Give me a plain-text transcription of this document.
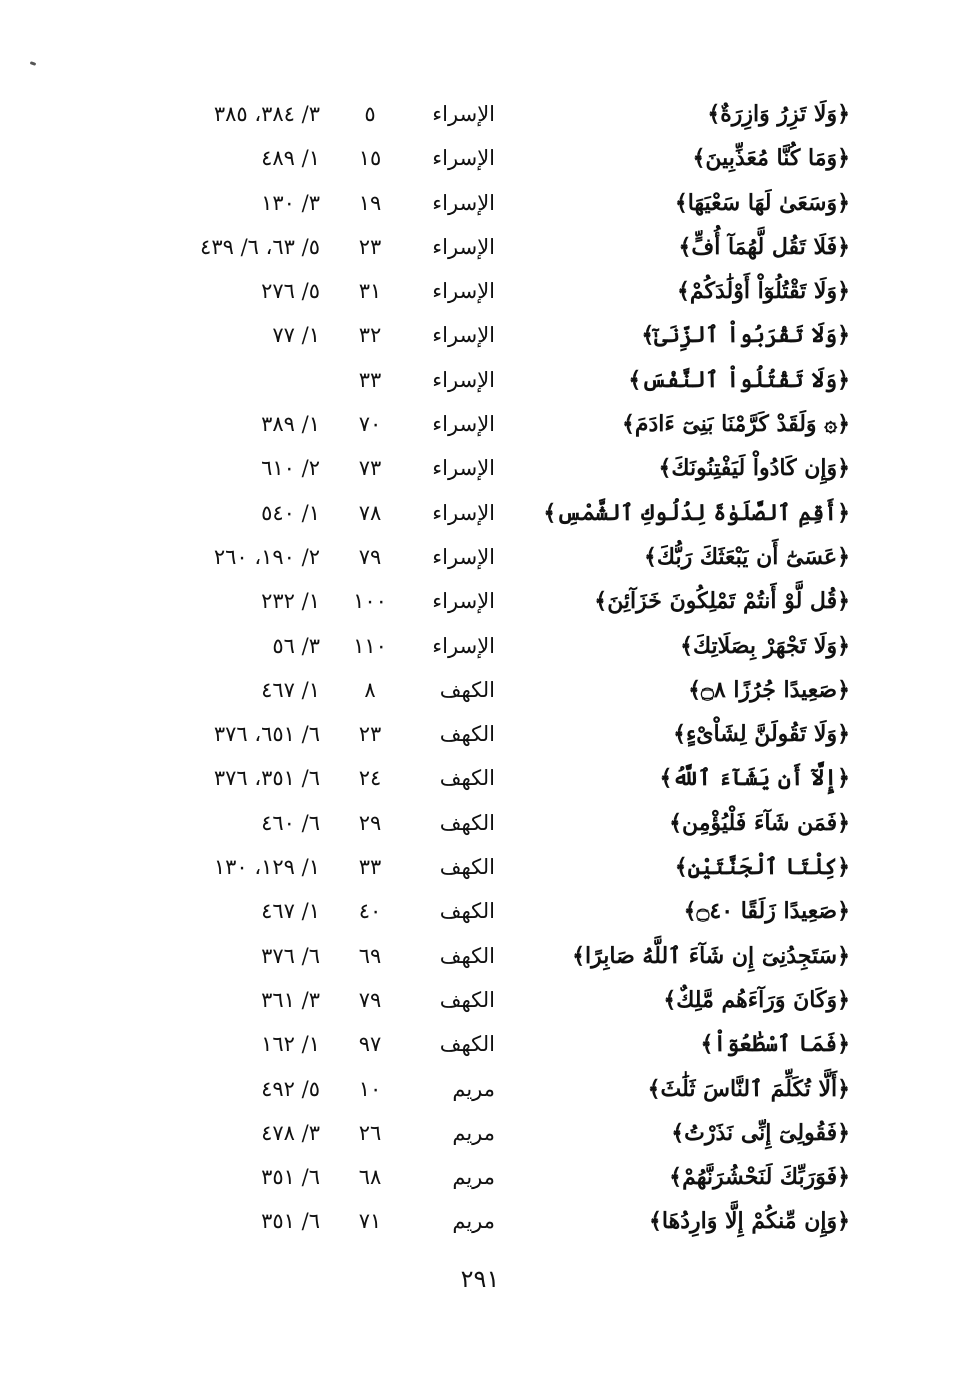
﴿وَلَا تَزِرُ وَازِرَةٌ﴾
الإسراء
٥
٣/ ٣٨٤، ٣٨٥
﴿وَمَا كُنَّا مُعَذِّبِينَ﴾
الإسراء
١٥
١/ ٤٨٩
﴿وَسَعَىٰ لَهَا سَعْيَهَا﴾
الإسراء
١٩
٣/ ١٣٠
﴿فَلَا تَقُل لَّهُمَآ أُفٍّ﴾
الإسراء
٢٣
٥/ ٦٣، ٦/ ٤٣٩
﴿وَلَا تَقْتُلُوٓاْ أَوْلَٰدَكُمْ﴾
الإسراء
٣١
٥/ ٢٧٦
﴿وَلَا تَقْرَبُواْ ٱلزِّنَىٰٓ﴾
الإسراء
٣٢
١/ ٧٧
﴿وَلَا تَقْتُلُواْ ٱلنَّفْسَ﴾
الإسراء
٣٣
﴿۞ وَلَقَدْ كَرَّمْنَا بَنِىٓ ءَادَمَ﴾
الإسراء
٧٠
١/ ٣٨٩
﴿وَإِن كَادُواْ لَيَفْتِنُونَكَ﴾
الإسراء
٧٣
٢/ ٦١٠
﴿أَقِمِ ٱلصَّلَوٰةَ لِدُلُوكِ ٱلشَّمْسِ﴾
الإسراء
٧٨
١/ ٥٤٠
﴿عَسَىٰٓ أَن يَبْعَثَكَ رَبُّكَ﴾
الإسراء
٧٩
٢/ ١٩٠، ٢٦٠
﴿قُل لَّوْ أَنتُمْ تَمْلِكُونَ خَزَآئِنَ﴾
الإسراء
١٠٠
١/ ٢٣٢
﴿وَلَا تَجْهَرْ بِصَلَاتِكَ﴾
الإسراء
١١٠
٣/ ٥٦
﴿صَعِيدًا جُرُزًا ۝٨﴾
الكهف
٨
١/ ٤٦٧
﴿وَلَا تَقُولَنَّ لِشَاْىْءٍ﴾
الكهف
٢٣
٦/ ٦٥١، ٣٧٦
﴿إِلَّآ أَن يَشَآءَ ٱللَّهُ﴾
الكهف
٢٤
٦/ ٣٥١، ٣٧٦
﴿فَمَن شَآءَ فَلْيُؤْمِن﴾
الكهف
٢٩
٦/ ٤٦٠
﴿كِلْتَا ٱلْجَنَّتَيْنِ﴾
الكهف
٣٣
١/ ١٢٩، ١٣٠
﴿صَعِيدًا زَلَقًا ۝٤٠﴾
الكهف
٤٠
١/ ٤٦٧
﴿سَتَجِدُنِىٓ إِن شَآءَ ٱللَّهُ صَابِرًا﴾
الكهف
٦٩
٦/ ٣٧٦
﴿وَكَانَ وَرَآءَهُم مَّلِكٌ﴾
الكهف
٧٩
٣/ ٣٦١
﴿فَمَا ٱسْطَٰعُوٓاْ﴾
الكهف
٩٧
١/ ١٦٢
﴿أَلَّا تُكَلِّمَ ٱلنَّاسَ ثَلَٰثَ﴾
مريم
١٠
٥/ ٤٩٢
﴿فَقُولِىٓ إِنِّى نَذَرْتُ﴾
مريم
٢٦
٣/ ٤٧٨
﴿فَوَرَبِّكَ لَنَحْشُرَنَّهُمْ﴾
مريم
٦٨
٦/ ٣٥١
﴿وَإِن مِّنكُمْ إِلَّا وَارِدُهَا﴾
مريم
٧١
٦/ ٣٥١
٢٩١
